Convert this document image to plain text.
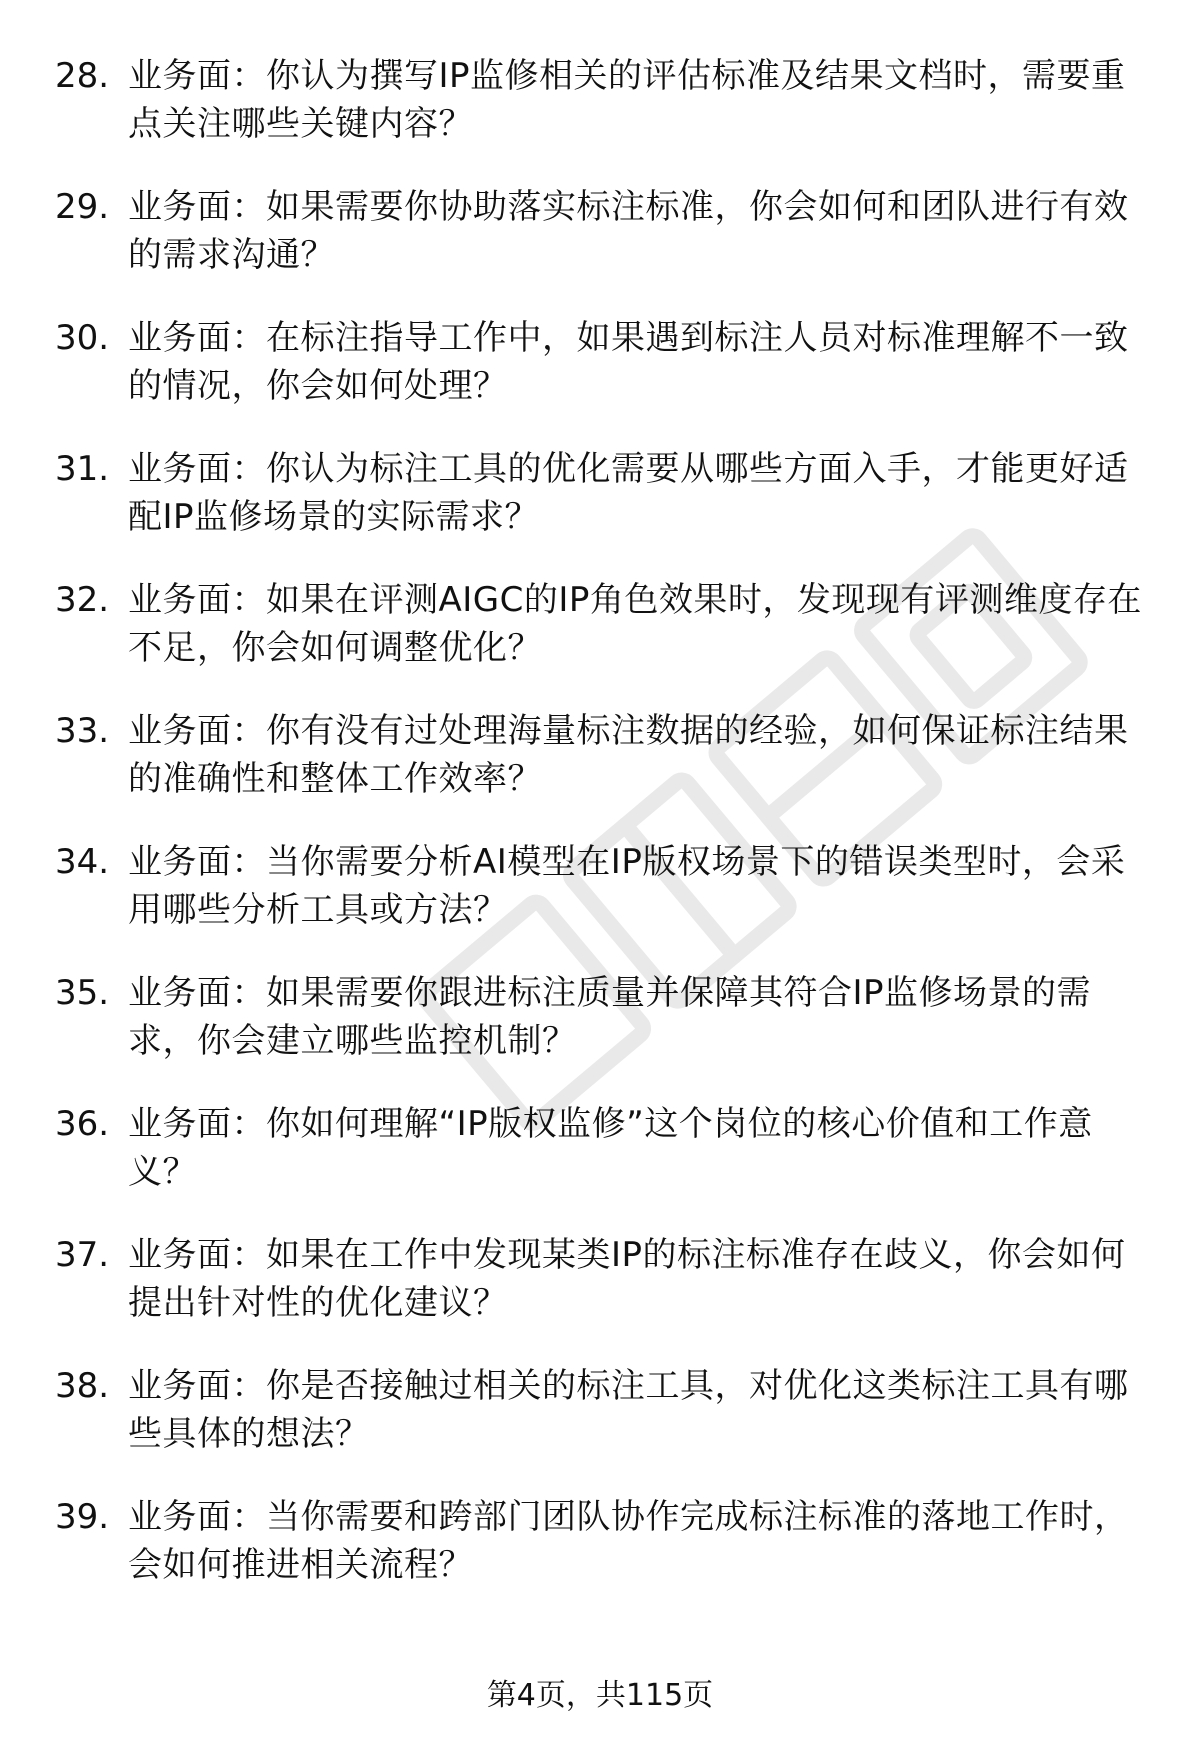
28. 业务面：你认为撰写IP监修相关的评估标准及结果文档时，需要重点关注哪些关键内容？
29. 业务面：如果需要你协助落实标注标准，你会如何和团队进行有效的需求沟通？
30. 业务面：在标注指导工作中，如果遇到标注人员对标准理解不一致的情况，你会如何处理？
31. 业务面：你认为标注工具的优化需要从哪些方面入手，才能更好适配IP监修场景的实际需求？
32. 业务面：如果在评测AIGC的IP角色效果时，发现现有评测维度存在不足，你会如何调整优化？
33. 业务面：你有没有过处理海量标注数据的经验，如何保证标注结果的准确性和整体工作效率？
34. 业务面：当你需要分析AI模型在IP版权场景下的错误类型时，会采用哪些分析工具或方法？
35. 业务面：如果需要你跟进标注质量并保障其符合IP监修场景的需求，你会建立哪些监控机制？
36. 业务面：你如何理解“IP版权监修”这个岗位的核心价值和工作意义？
37. 业务面：如果在工作中发现某类IP的标注标准存在歧义，你会如何提出针对性的优化建议？
38. 业务面：你是否接触过相关的标注工具，对优化这类标注工具有哪些具体的想法？
39. 业务面：当你需要和跨部门团队协作完成标注标准的落地工作时，会如何推进相关流程？
第4页，共115页
